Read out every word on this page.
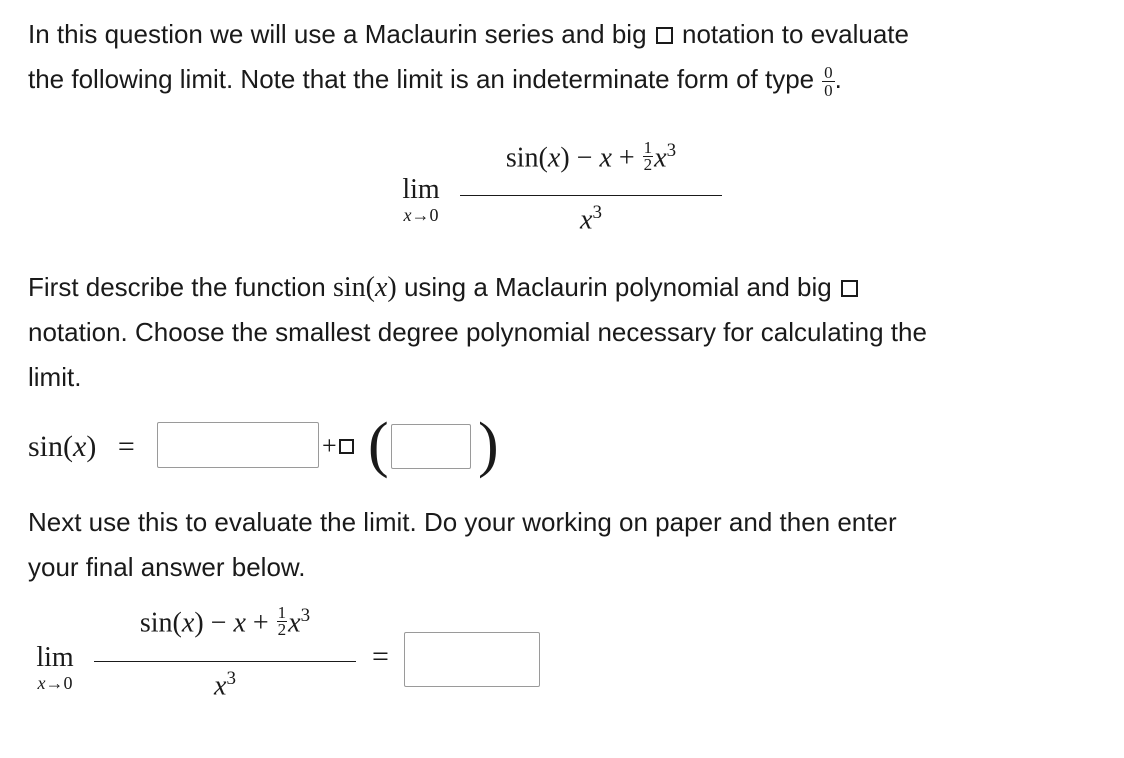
In this question we will use a Maclaurin series and big notation to evaluate
the following limit. Note that the limit is an indeterminate form of type $\frac{0}{0}$ .

lim
x→0
$\sin(x) - x + \frac{1}{2} x^3$
$x^3$

First describe the function sin(x) using a Maclaurin polynomial and big
notation. Choose the smallest degree polynomial necessary for calculating the
limit.

sin(x) =	+ ( )

Next use this to evaluate the limit. Do your working on paper and then enter
your final answer below.

lim
x→0
$\sin(x) - x + \frac{1}{2} x^3$
$x^3$
=
